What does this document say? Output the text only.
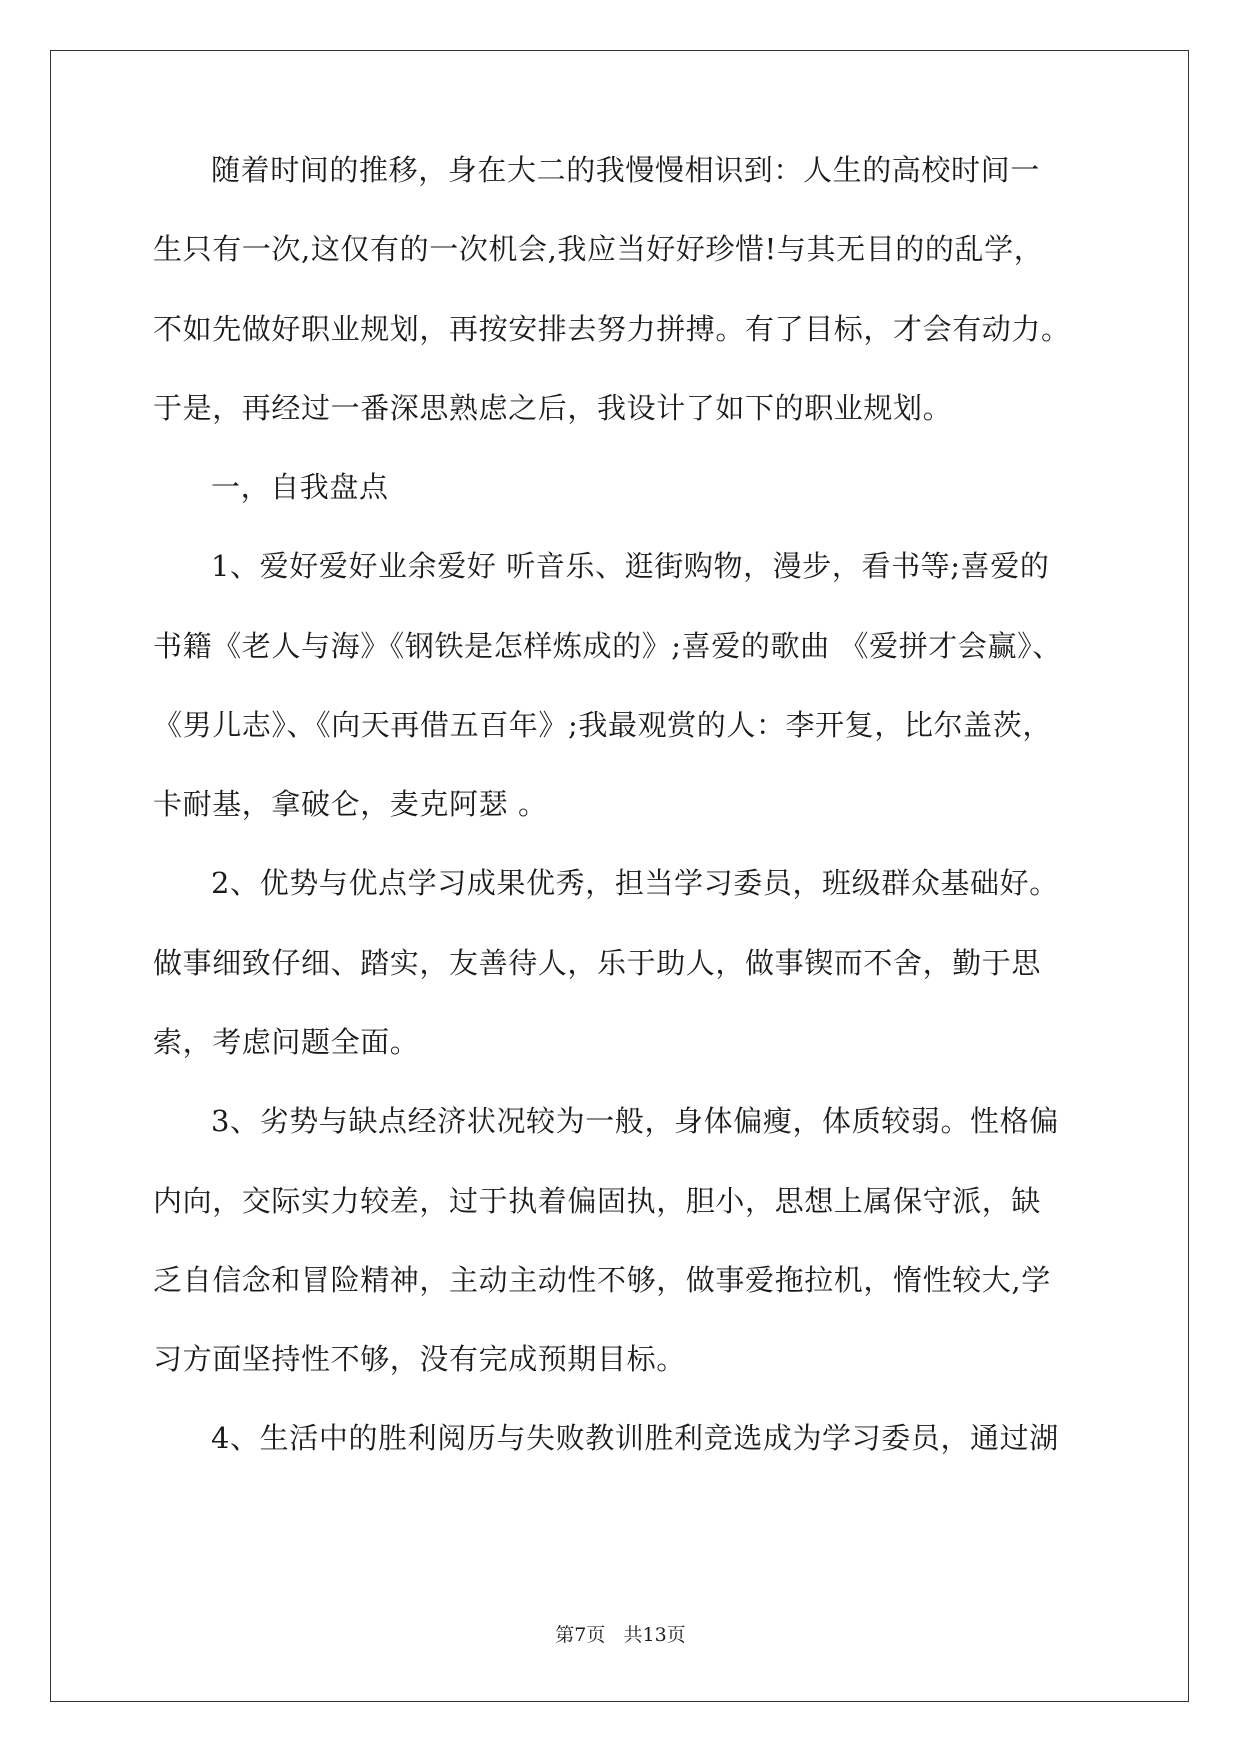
随着时间的推移，身在大二的我慢慢相识到：人生的高校时间一
生只有一次,这仅有的一次机会,我应当好好珍惜!与其无目的的乱学，
不如先做好职业规划，再按安排去努力拼搏。有了目标，才会有动力。
于是，再经过一番深思熟虑之后，我设计了如下的职业规划。
一，自我盘点
1、爱好爱好业余爱好 听音乐、逛街购物，漫步，看书等;喜爱的
书籍《老人与海》《钢铁是怎样炼成的》;喜爱的歌曲 《爱拼才会赢》、
《男儿志》、《向天再借五百年》;我最观赏的人：李开复，比尔盖茨，
卡耐基，拿破仑，麦克阿瑟 。
2、优势与优点学习成果优秀，担当学习委员，班级群众基础好。
做事细致仔细、踏实，友善待人，乐于助人，做事锲而不舍，勤于思
索，考虑问题全面。
3、劣势与缺点经济状况较为一般，身体偏瘦，体质较弱。性格偏
内向，交际实力较差，过于执着偏固执，胆小，思想上属保守派，缺
乏自信念和冒险精神，主动主动性不够，做事爱拖拉机，惰性较大,学
习方面坚持性不够，没有完成预期目标。
4、生活中的胜利阅历与失败教训胜利竞选成为学习委员，通过湖
第7页   共13页
